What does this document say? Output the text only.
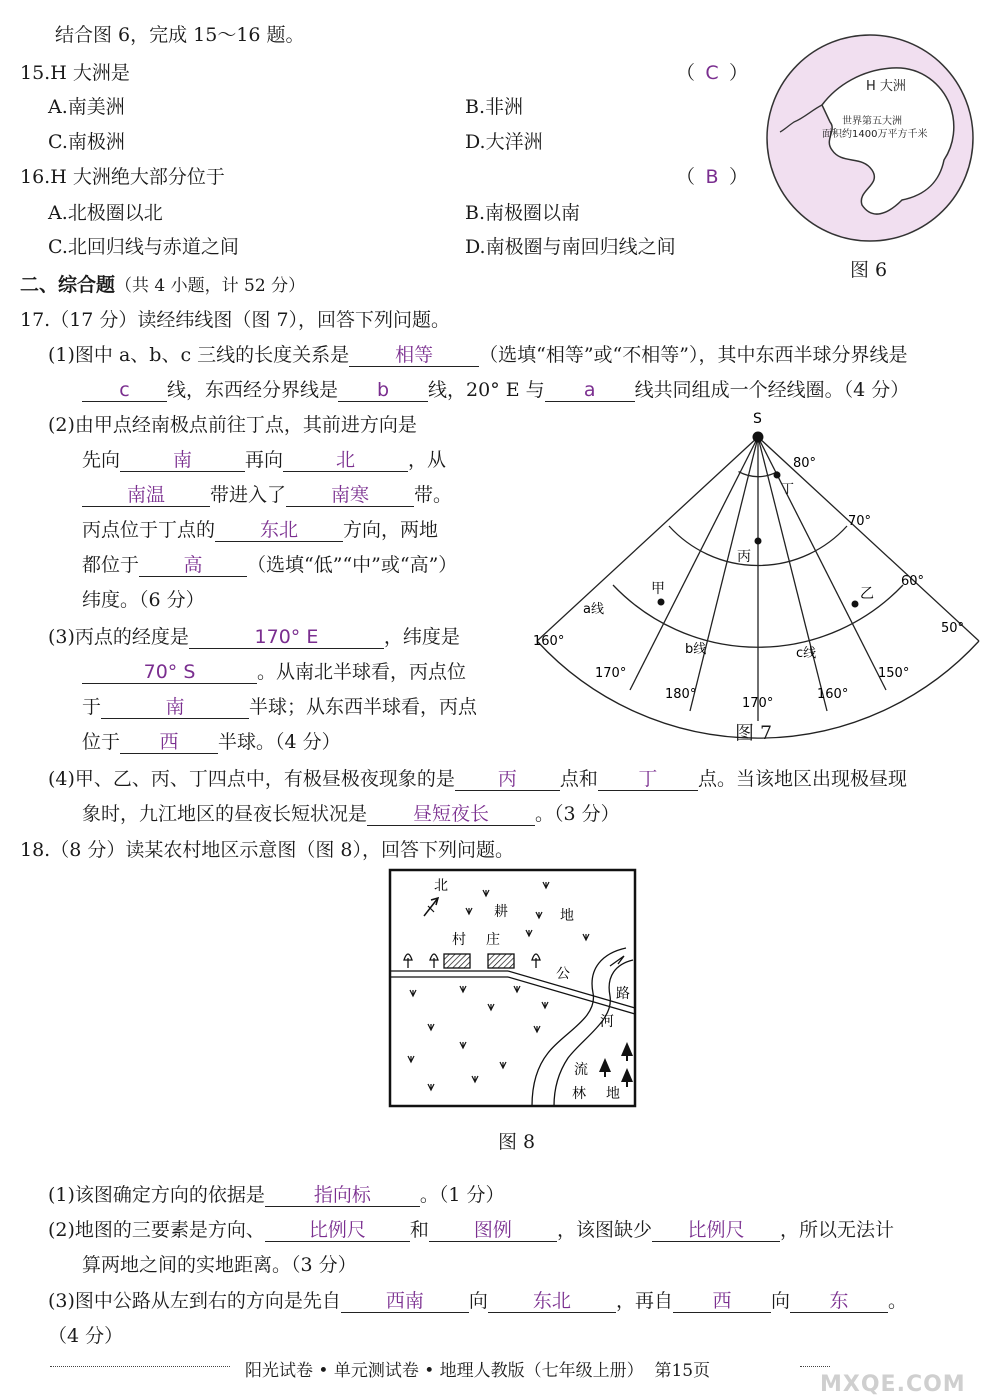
结合图 6，完成 15～16 题。
15.H 大洲是	（ C ）
A.南美洲	B.非洲
C.南极洲	D.大洋洲
16.H 大洲绝大部分位于	（ B ）
A.北极圈以北	B.南极圈以南
C.北回归线与赤道之间	D.南极圈与南回归线之间
H 大洲
世界第五大洲
面积约1400万平方千米
图 6
二、综合题（共 4 小题，计 52 分）
17.（17 分）读经纬线图（图 7），回答下列问题。
(1)图中 a、b、c 三线的长度关系是 相等 （选填“相等”或“不相等”），其中东西半球分界线是
c 线，东西经分界线是 b 线，20° E 与 a 线共同组成一个经线圈。（4 分）
(2)由甲点经南极点前往丁点，其前进方向是
先向	南	再向	北	，从
南温 带进入了 南寒 带。
丙点位于丁点的 东北 方向，两地
都位于 高 （选填“低”“中”或“高”）
纬度。（6 分）
(3)丙点的经度是	170° E	，纬度是
70° S	。从南北半球看，丙点位
于	南	半球；从东西半球看，丙点
位于 西 半球。（4 分）
(4)甲、乙、丙、丁四点中，有极昼极夜现象的是 丙 点和 丁 点。当该地区出现极昼现
象时，九江地区的昼夜长短状况是 昼短夜长 。（3 分）
S
丁
丙
甲	乙
80°
70°
60°
50°
160°
170°
180°
170°
160°
150°
a线
b线	c线
图 7
18.（8 分）读某农村地区示意图（图 8），回答下列问题。
北
耕	地
村 庄
公
路
河
流
林 地
图 8
(1)该图确定方向的依据是	指向标	。（1 分）
(2)地图的三要素是方向、 比例尺 和 图例 ，该图缺少 比例尺 ，所以无法计
算两地之间的实地距离。（3 分）
(3)图中公路从左到右的方向是先自 西南 向 东北 ，再自 西 向 东 。
（4 分）
阳光试卷 • 单元测试卷 • 地理人教版（七年级上册） 第15页
MXQE.COM
